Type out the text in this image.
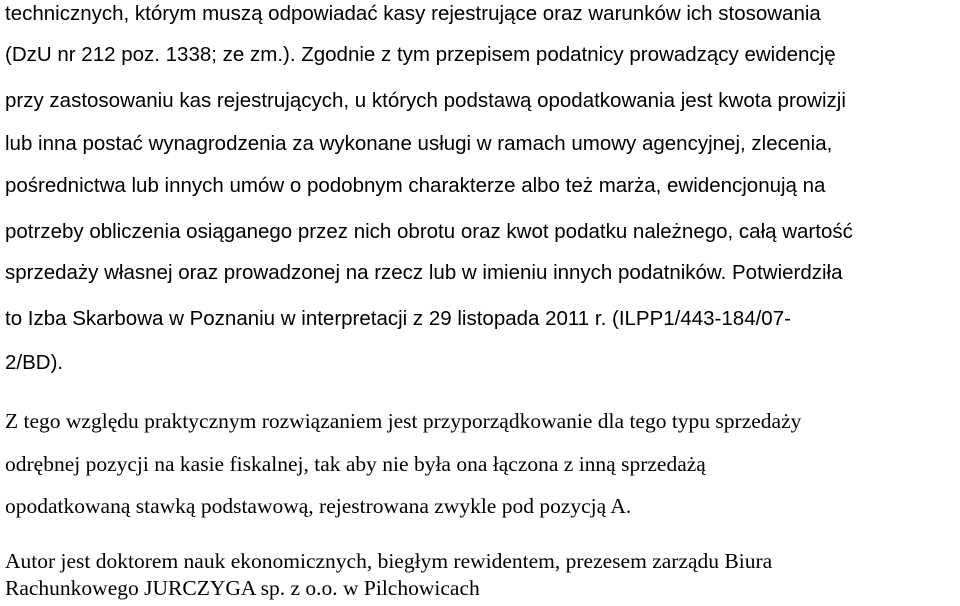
technicznych, którym muszą odpowiadać kasy rejestrujące oraz warunków ich stosowania
(DzU nr 212 poz. 1338; ze zm.). Zgodnie z tym przepisem podatnicy prowadzący ewidencję
przy zastosowaniu kas rejestrujących, u których podstawą opodatkowania jest kwota prowizji
lub inna postać wynagrodzenia za wykonane usługi w ramach umowy agencyjnej, zlecenia,
pośrednictwa lub innych umów o podobnym charakterze albo też marża, ewidencjonują na
potrzeby obliczenia osiąganego przez nich obrotu oraz kwot podatku należnego, całą wartość
sprzedaży własnej oraz prowadzonej na rzecz lub w imieniu innych podatników. Potwierdziła
to Izba Skarbowa w Poznaniu w interpretacji z 29 listopada 2011 r. (ILPP1/443-184/07-
2/BD).
Z tego względu praktycznym rozwiązaniem jest przyporządkowanie dla tego typu sprzedaży
odrębnej pozycji na kasie fiskalnej, tak aby nie była ona łączona z inną sprzedażą
opodatkowaną stawką podstawową, rejestrowana zwykle pod pozycją A.
Autor jest doktorem nauk ekonomicznych, biegłym rewidentem, prezesem zarządu Biura
Rachunkowego JURCZYGA sp. z o.o. w Pilchowicach
